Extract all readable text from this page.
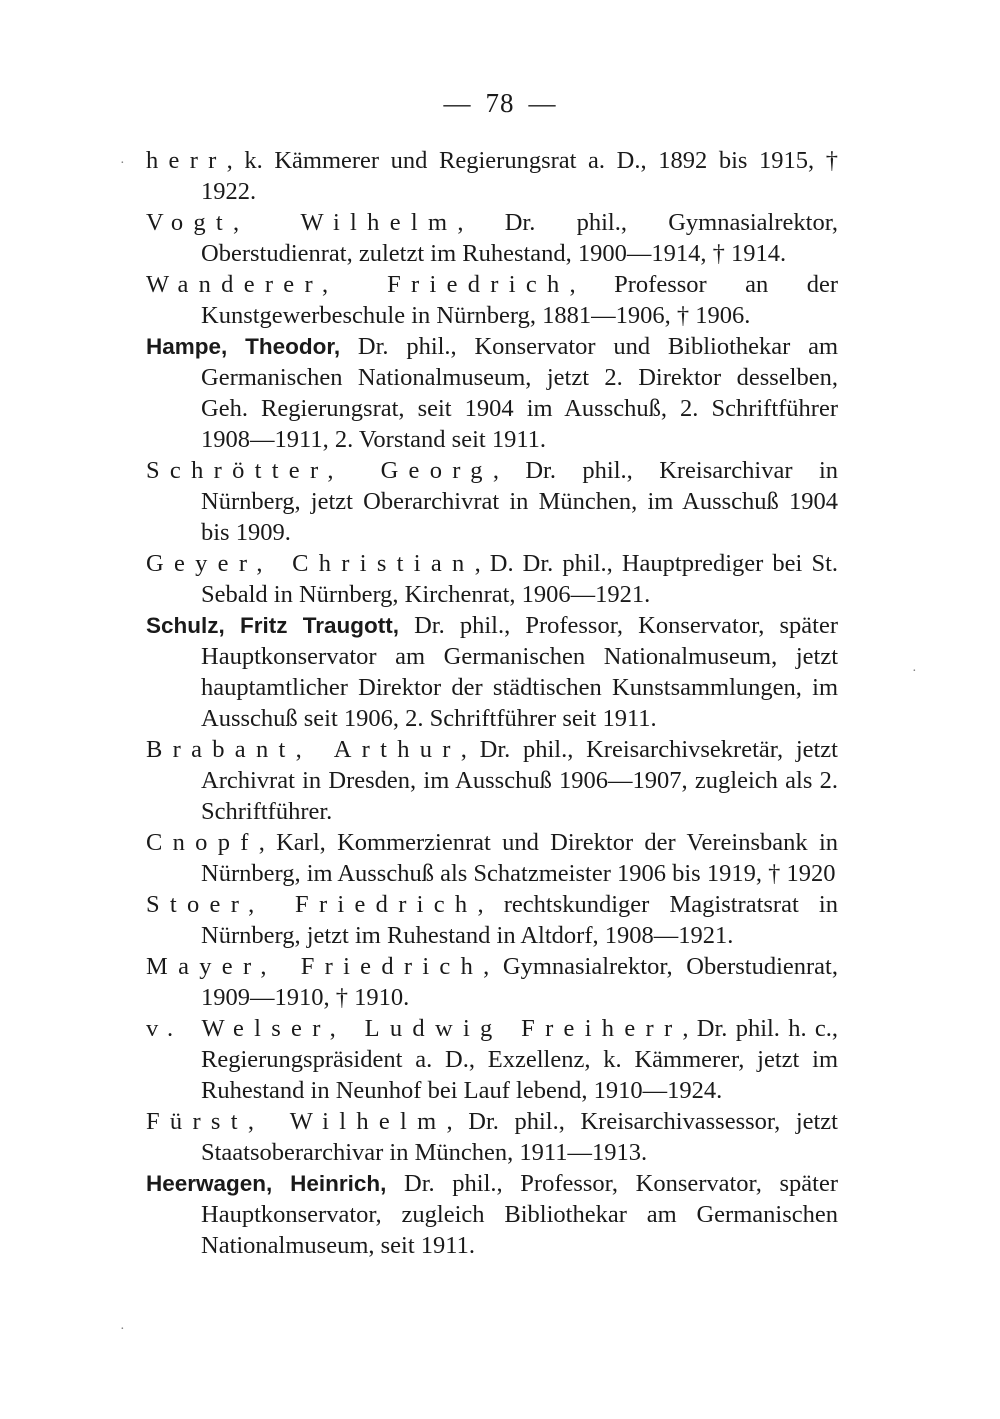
— 78 —
·
·
·

herr, k. Kämmerer und Regierungsrat a. D., 1892 bis 1915, † 1922.

Vogt, Wilhelm, Dr. phil., Gymnasialrektor, Oberstudienrat, zuletzt im Ruhestand, 1900—1914, † 1914.

Wanderer, Friedrich, Professor an der Kunstgewerbeschule in Nürnberg, 1881—1906, † 1906.

Hampe, Theodor, Dr. phil., Konservator und Bibliothekar am Germanischen Nationalmuseum, jetzt 2. Direktor desselben, Geh. Regierungsrat, seit 1904 im Ausschuß, 2. Schriftführer 1908—1911, 2. Vorstand seit 1911.

Schrötter, Georg, Dr. phil., Kreisarchivar in Nürnberg, jetzt Oberarchivrat in München, im Ausschuß 1904 bis 1909.

Geyer, Christian, D. Dr. phil., Hauptprediger bei St. Sebald in Nürnberg, Kirchenrat, 1906—1921.

Schulz, Fritz Traugott, Dr. phil., Professor, Konservator, später Hauptkonservator am Germanischen Nationalmuseum, jetzt hauptamtlicher Direktor der städtischen Kunstsammlungen, im Ausschuß seit 1906, 2. Schriftführer seit 1911.

Brabant, Arthur, Dr. phil., Kreisarchivsekretär, jetzt Archivrat in Dresden, im Ausschuß 1906—1907, zugleich als 2. Schriftführer.

Cnopf, Karl, Kommerzienrat und Direktor der Vereinsbank in Nürnberg, im Ausschuß als Schatzmeister 1906 bis 1919, † 1920

Stoer, Friedrich, rechtskundiger Magistratsrat in Nürnberg, jetzt im Ruhestand in Altdorf, 1908—1921.

Mayer, Friedrich, Gymnasialrektor, Oberstudienrat, 1909—1910, † 1910.

v. Welser, Ludwig Freiherr, Dr. phil. h. c., Regierungspräsident a. D., Exzellenz, k. Kämmerer, jetzt im Ruhestand in Neunhof bei Lauf lebend, 1910—1924.

Fürst, Wilhelm, Dr. phil., Kreisarchivassessor, jetzt Staatsoberarchivar in München, 1911—1913.

Heerwagen, Heinrich, Dr. phil., Professor, Konservator, später Hauptkonservator, zugleich Bibliothekar am Germanischen Nationalmuseum, seit 1911.
